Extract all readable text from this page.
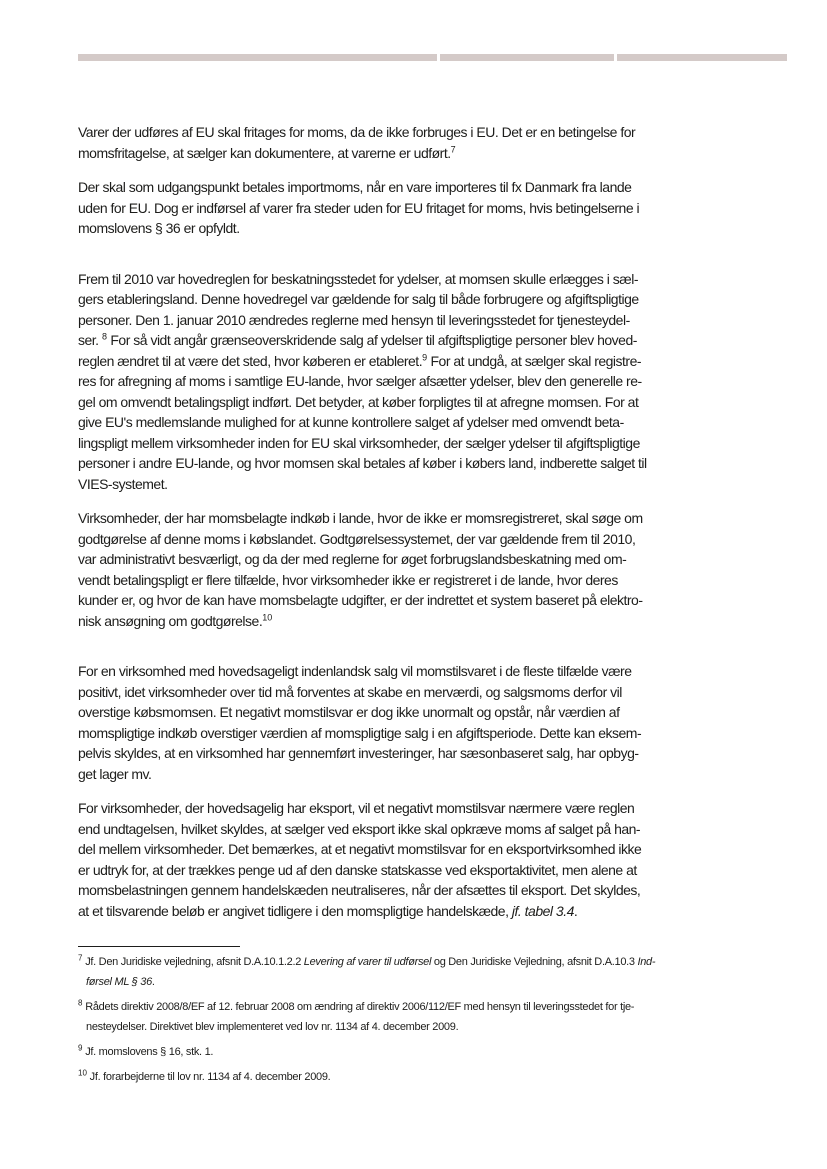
Varer der udføres af EU skal fritages for moms, da de ikke forbruges i EU. Det er en betingelse for
momsfritagelse, at sælger kan dokumentere, at varerne er udført.$^7$
Der skal som udgangspunkt betales importmoms, når en vare importeres til fx Danmark fra lande
uden for EU. Dog er indførsel af varer fra steder uden for EU fritaget for moms, hvis betingelserne i
momslovens § 36 er opfyldt.
Frem til 2010 var hovedreglen for beskatningsstedet for ydelser, at momsen skulle erlægges i sæl-
gers etableringsland. Denne hovedregel var gældende for salg til både forbrugere og afgiftspligtige
personer. Den 1. januar 2010 ændredes reglerne med hensyn til leveringsstedet for tjenesteydel-
ser. $^8$ For så vidt angår grænseoverskridende salg af ydelser til afgiftspligtige personer blev hoved-
reglen ændret til at være det sted, hvor køberen er etableret.$^9$ For at undgå, at sælger skal registre-
res for afregning af moms i samtlige EU-lande, hvor sælger afsætter ydelser, blev den generelle re-
gel om omvendt betalingspligt indført. Det betyder, at køber forpligtes til at afregne momsen. For at
give EU's medlemslande mulighed for at kunne kontrollere salget af ydelser med omvendt beta-
lingspligt mellem virksomheder inden for EU skal virksomheder, der sælger ydelser til afgiftspligtige
personer i andre EU-lande, og hvor momsen skal betales af køber i købers land, indberette salget til
VIES-systemet.
Virksomheder, der har momsbelagte indkøb i lande, hvor de ikke er momsregistreret, skal søge om
godtgørelse af denne moms i købslandet. Godtgørelsessystemet, der var gældende frem til 2010,
var administrativt besværligt, og da der med reglerne for øget forbrugslandsbeskatning med om-
vendt betalingspligt er flere tilfælde, hvor virksomheder ikke er registreret i de lande, hvor deres
kunder er, og hvor de kan have momsbelagte udgifter, er der indrettet et system baseret på elektro-
nisk ansøgning om godtgørelse.$^{10}$
For en virksomhed med hovedsageligt indenlandsk salg vil momstilsvaret i de fleste tilfælde være
positivt, idet virksomheder over tid må forventes at skabe en merværdi, og salgsmoms derfor vil
overstige købsmomsen. Et negativt momstilsvar er dog ikke unormalt og opstår, når værdien af
momspligtige indkøb overstiger værdien af momspligtige salg i en afgiftsperiode. Dette kan eksem-
pelvis skyldes, at en virksomhed har gennemført investeringer, har sæsonbaseret salg, har opbyg-
get lager mv.
For virksomheder, der hovedsagelig har eksport, vil et negativt momstilsvar nærmere være reglen
end undtagelsen, hvilket skyldes, at sælger ved eksport ikke skal opkræve moms af salget på han-
del mellem virksomheder. Det bemærkes, at et negativt momstilsvar for en eksportvirksomhed ikke
er udtryk for, at der trækkes penge ud af den danske statskasse ved eksportaktivitet, men alene at
momsbelastningen gennem handelskæden neutraliseres, når der afsættes til eksport. Det skyldes,
at et tilsvarende beløb er angivet tidligere i den momspligtige handelskæde, jf. tabel 3.4.
$^7$ Jf. Den Juridiske vejledning, afsnit D.A.10.1.2.2 Levering af varer til udførsel og Den Juridiske Vejledning, afsnit D.A.10.3 Ind-
førsel ML § 36.
$^8$ Rådets direktiv 2008/8/EF af 12. februar 2008 om ændring af direktiv 2006/112/EF med hensyn til leveringsstedet for tje-
nesteydelser. Direktivet blev implementeret ved lov nr. 1134 af 4. december 2009.
$^9$ Jf. momslovens § 16, stk. 1.
$^{10}$ Jf. forarbejderne til lov nr. 1134 af 4. december 2009.
